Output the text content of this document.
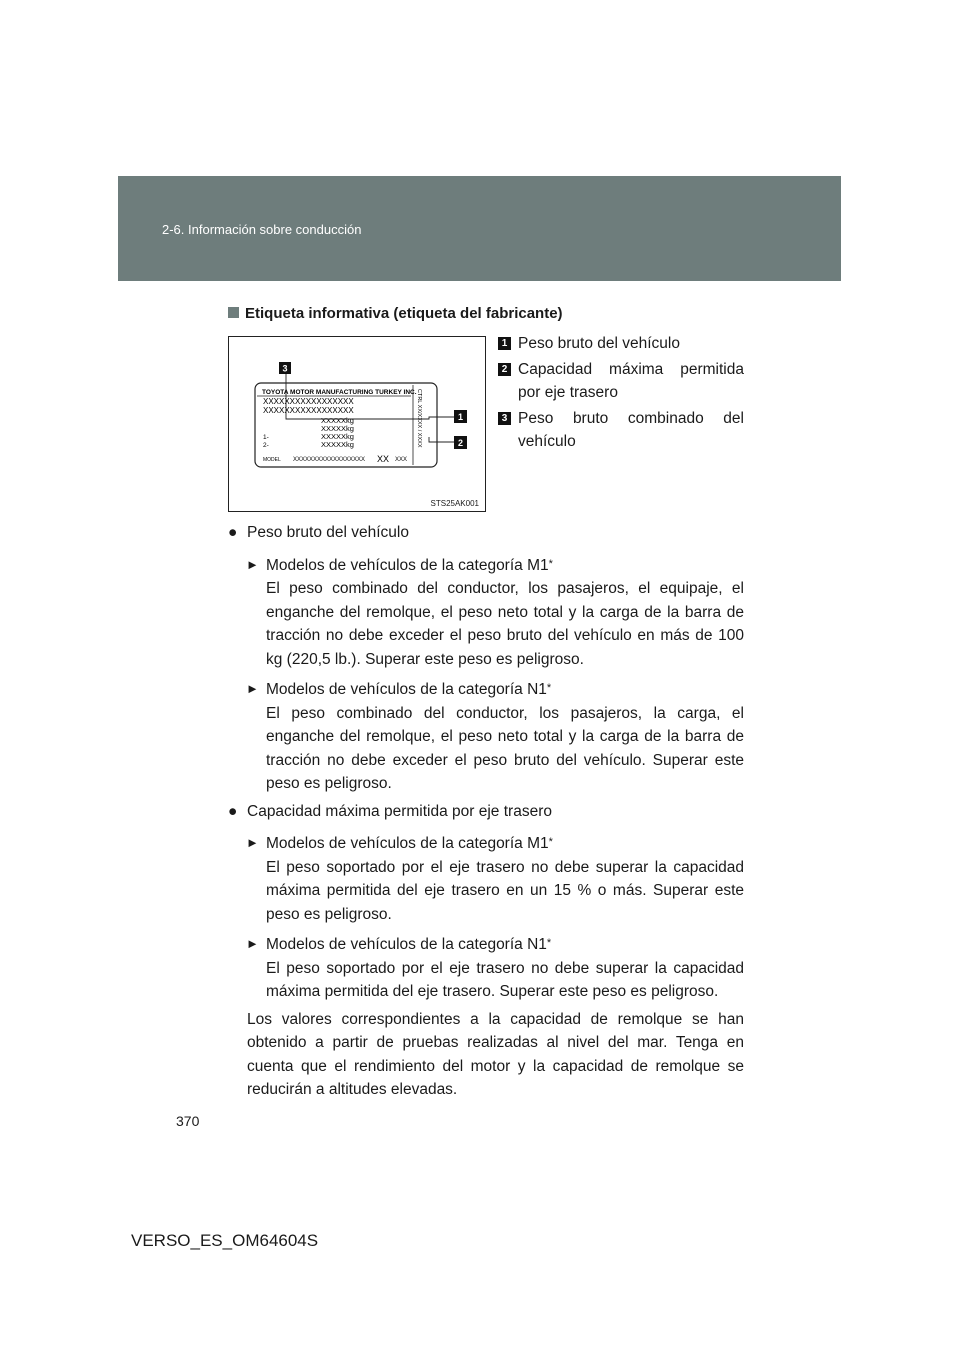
2-6. Información sobre conducción
Etiqueta informativa (etiqueta del fabricante)
TOYOTA MOTOR MANUFACTURING TURKEY INC.
XXXXXXXXXXXXXXXXX
XXXXXXXXXXXXXXXXX
XXXXXkg
XXXXXkg
XXXXXkg
XXXXXkg
1-
2-
MODEL XXXXXXXXXXXXXXXXXX XX XXX
CTRL XX/XXXX / XXXX
3
1
2
STS25AK001
1 Peso bruto del vehículo
2 Capacidad máxima permitida por eje trasero
3 Peso bruto combinado del vehículo
● Peso bruto del vehículo
► Modelos de vehículos de la categoría M1*
El peso combinado del conductor, los pasajeros, el equipaje, el enganche del remolque, el peso neto total y la carga de la barra de tracción no debe exceder el peso bruto del vehículo en más de 100 kg (220,5 lb.). Superar este peso es peligroso.
► Modelos de vehículos de la categoría N1*
El peso combinado del conductor, los pasajeros, la carga, el enganche del remolque, el peso neto total y la carga de la barra de tracción no debe exceder el peso bruto del vehículo. Superar este peso es peligroso.
● Capacidad máxima permitida por eje trasero
► Modelos de vehículos de la categoría M1*
El peso soportado por el eje trasero no debe superar la capacidad máxima permitida del eje trasero en un 15 % o más. Superar este peso es peligroso.
► Modelos de vehículos de la categoría N1*
El peso soportado por el eje trasero no debe superar la capacidad máxima permitida del eje trasero. Superar este peso es peligroso.
Los valores correspondientes a la capacidad de remolque se han obtenido a partir de pruebas realizadas al nivel del mar. Tenga en cuenta que el rendimiento del motor y la capacidad de remolque se reducirán a altitudes elevadas.
370
VERSO_ES_OM64604S
